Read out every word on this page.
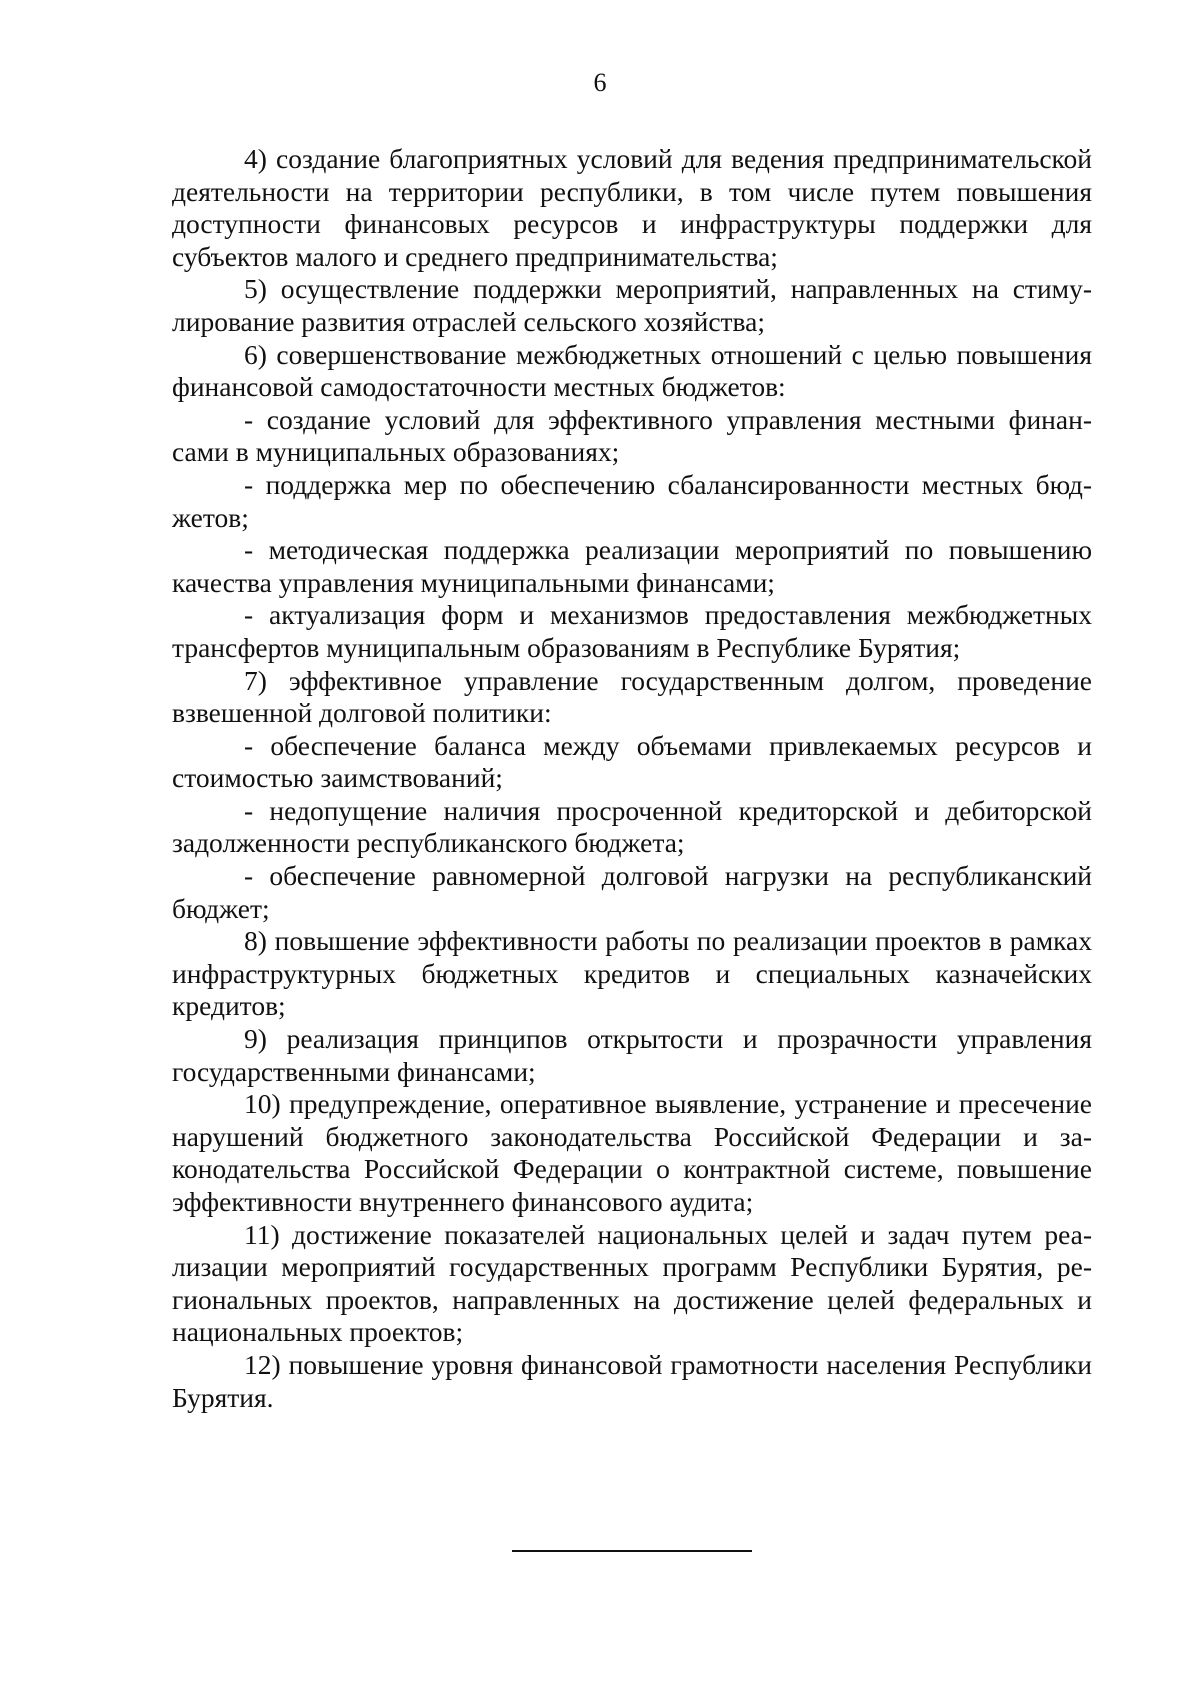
6

4) создание благоприятных условий для ведения предпринимательской деятельности на территории республики, в том числе путем повышения доступности финансовых ресурсов и инфраструктуры поддержки для субъектов малого и среднего предпринимательства;

5) осуществление поддержки мероприятий, направленных на стимулирование развития отраслей сельского хозяйства;

6) совершенствование межбюджетных отношений с целью повышения финансовой самодостаточности местных бюджетов:

- создание условий для эффективного управления местными финансами в муниципальных образованиях;

- поддержка мер по обеспечению сбалансированности местных бюджетов;

- методическая поддержка реализации мероприятий по повышению качества управления муниципальными финансами;

- актуализация форм и механизмов предоставления межбюджетных трансфертов муниципальным образованиям в Республике Бурятия;

7) эффективное управление государственным долгом, проведение взвешенной долговой политики:

- обеспечение баланса между объемами привлекаемых ресурсов и стоимостью заимствований;

- недопущение наличия просроченной кредиторской и дебиторской задолженности республиканского бюджета;

- обеспечение равномерной долговой нагрузки на республиканский бюджет;

8) повышение эффективности работы по реализации проектов в рамках инфраструктурных бюджетных кредитов и специальных казначейских кредитов;

9) реализация принципов открытости и прозрачности управления государственными финансами;

10) предупреждение, оперативное выявление, устранение и пресечение нарушений бюджетного законодательства Российской Федерации и законодательства Российской Федерации о контрактной системе, повышение эффективности внутреннего финансового аудита;

11) достижение показателей национальных целей и задач путем реализации мероприятий государственных программ Республики Бурятия, региональных проектов, направленных на достижение целей федеральных и национальных проектов;

12) повышение уровня финансовой грамотности населения Республики Бурятия.
